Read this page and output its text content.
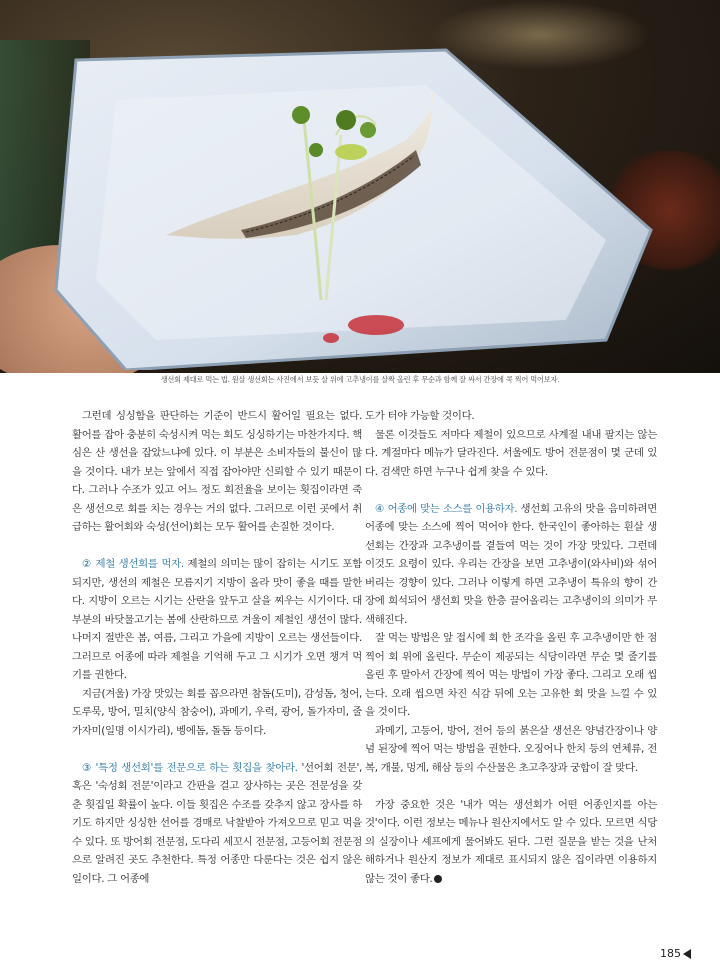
생선회 제대로 먹는 법. 원살 생선회는 사진에서 보듯 살 위에 고추냉이를 살짝 올린 후 무순과 함께 잘 싸서 간장에 콕 찍어 먹어보자.

그런데 싱싱함을 판단하는 기준이 반드시 활어일 필요는 없다. 활어를 잡아 충분히 숙성시켜 먹는 회도 싱싱하기는 마찬가지다. 핵심은 산 생선을 잡았느냐에 있다. 이 부분은 소비자들의 불신이 많을 것이다. 내가 보는 앞에서 직접 잡아야만 신뢰할 수 있기 때문이다. 그러나 수조가 있고 어느 정도 회전율을 보이는 횟집이라면 죽은 생선으로 회를 치는 경우는 거의 없다. 그러므로 이런 곳에서 취급하는 활어회와 숙성(선어)회는 모두 활어를 손질한 것이다.

② 제철 생선회를 먹자. 제철의 의미는 많이 잡히는 시기도 포함되지만, 생선의 제철은 모름지기 지방이 올라 맛이 좋을 때를 말한다. 지방이 오르는 시기는 산란을 앞두고 살을 찌우는 시기이다. 대부분의 바닷물고기는 봄에 산란하므로 겨울이 제철인 생선이 많다. 나머지 절반은 봄, 여름, 그리고 가을에 지방이 오르는 생선들이다. 그러므로 어종에 따라 제철을 기억해 두고 그 시기가 오면 챙겨 먹기를 권한다.

지금(겨울) 가장 맛있는 회를 꼽으라면 참돔(도미), 감성돔, 청어, 도루묵, 방어, 밀치(양식 참숭어), 과메기, 우럭, 광어, 돌가자미, 줄가자미(일명 이시가리), 벵에돔, 돌돔 등이다.

③ '특정 생선회'를 전문으로 하는 횟집을 찾아라. '선어회 전문', 혹은 '숙성회 전문'이라고 간판을 걸고 장사하는 곳은 전문성을 갖춘 횟집일 확률이 높다. 이들 횟집은 수조를 갖추지 않고 장사를 하기도 하지만 싱싱한 선어를 경매로 낙찰받아 가져오므로 믿고 먹을 수 있다. 또 방어회 전문점, 도다리 세꼬시 전문점, 고등어회 전문점으로 알려진 곳도 추천한다. 특정 어종만 다룬다는 것은 쉽지 않은 일이다. 그 어종에

도가 터야 가능할 것이다.

물론 이것들도 저마다 제철이 있으므로 사계절 내내 팔지는 않는다. 계절마다 메뉴가 달라진다. 서울에도 방어 전문점이 몇 군데 있다. 검색만 하면 누구나 쉽게 찾을 수 있다.

④ 어종에 맞는 소스를 이용하자. 생선회 고유의 맛을 음미하려면 어종에 맞는 소스에 찍어 먹어야 한다. 한국인이 좋아하는 흰살 생선회는 간장과 고추냉이를 곁들여 먹는 것이 가장 맛있다. 그런데 이것도 요령이 있다. 우리는 간장을 보면 고추냉이(와사비)와 섞어버리는 경향이 있다. 그러나 이렇게 하면 고추냉이 특유의 향이 간장에 희석되어 생선회 맛을 한층 끌어올리는 고추냉이의 의미가 무색해진다.

잘 먹는 방법은 앞 접시에 회 한 조각을 올린 후 고추냉이만 한 점 찍어 회 위에 올린다. 무순이 제공되는 식당이라면 무순 몇 줄기를 올린 후 말아서 간장에 찍어 먹는 방법이 가장 좋다. 그리고 오래 씹는다. 오래 씹으면 차진 식감 뒤에 오는 고유한 회 맛을 느낄 수 있을 것이다.

과메기, 고등어, 방어, 전어 등의 붉은살 생선은 양념간장이나 양념 된장에 찍어 먹는 방법을 권한다. 오징어나 한치 등의 연체류, 전복, 개불, 멍게, 해삼 등의 수산물은 초고추장과 궁합이 잘 맞다.

가장 중요한 것은 '내가 먹는 생선회가 어떤 어종인지를 아는 것'이다. 이런 정보는 메뉴나 원산지에서도 알 수 있다. 모르면 식당의 실장이나 셰프에게 물어봐도 된다. 그런 질문을 받는 것을 난처해하거나 원산지 정보가 제대로 표시되지 않은 집이라면 이용하지 않는 것이 좋다.

185
